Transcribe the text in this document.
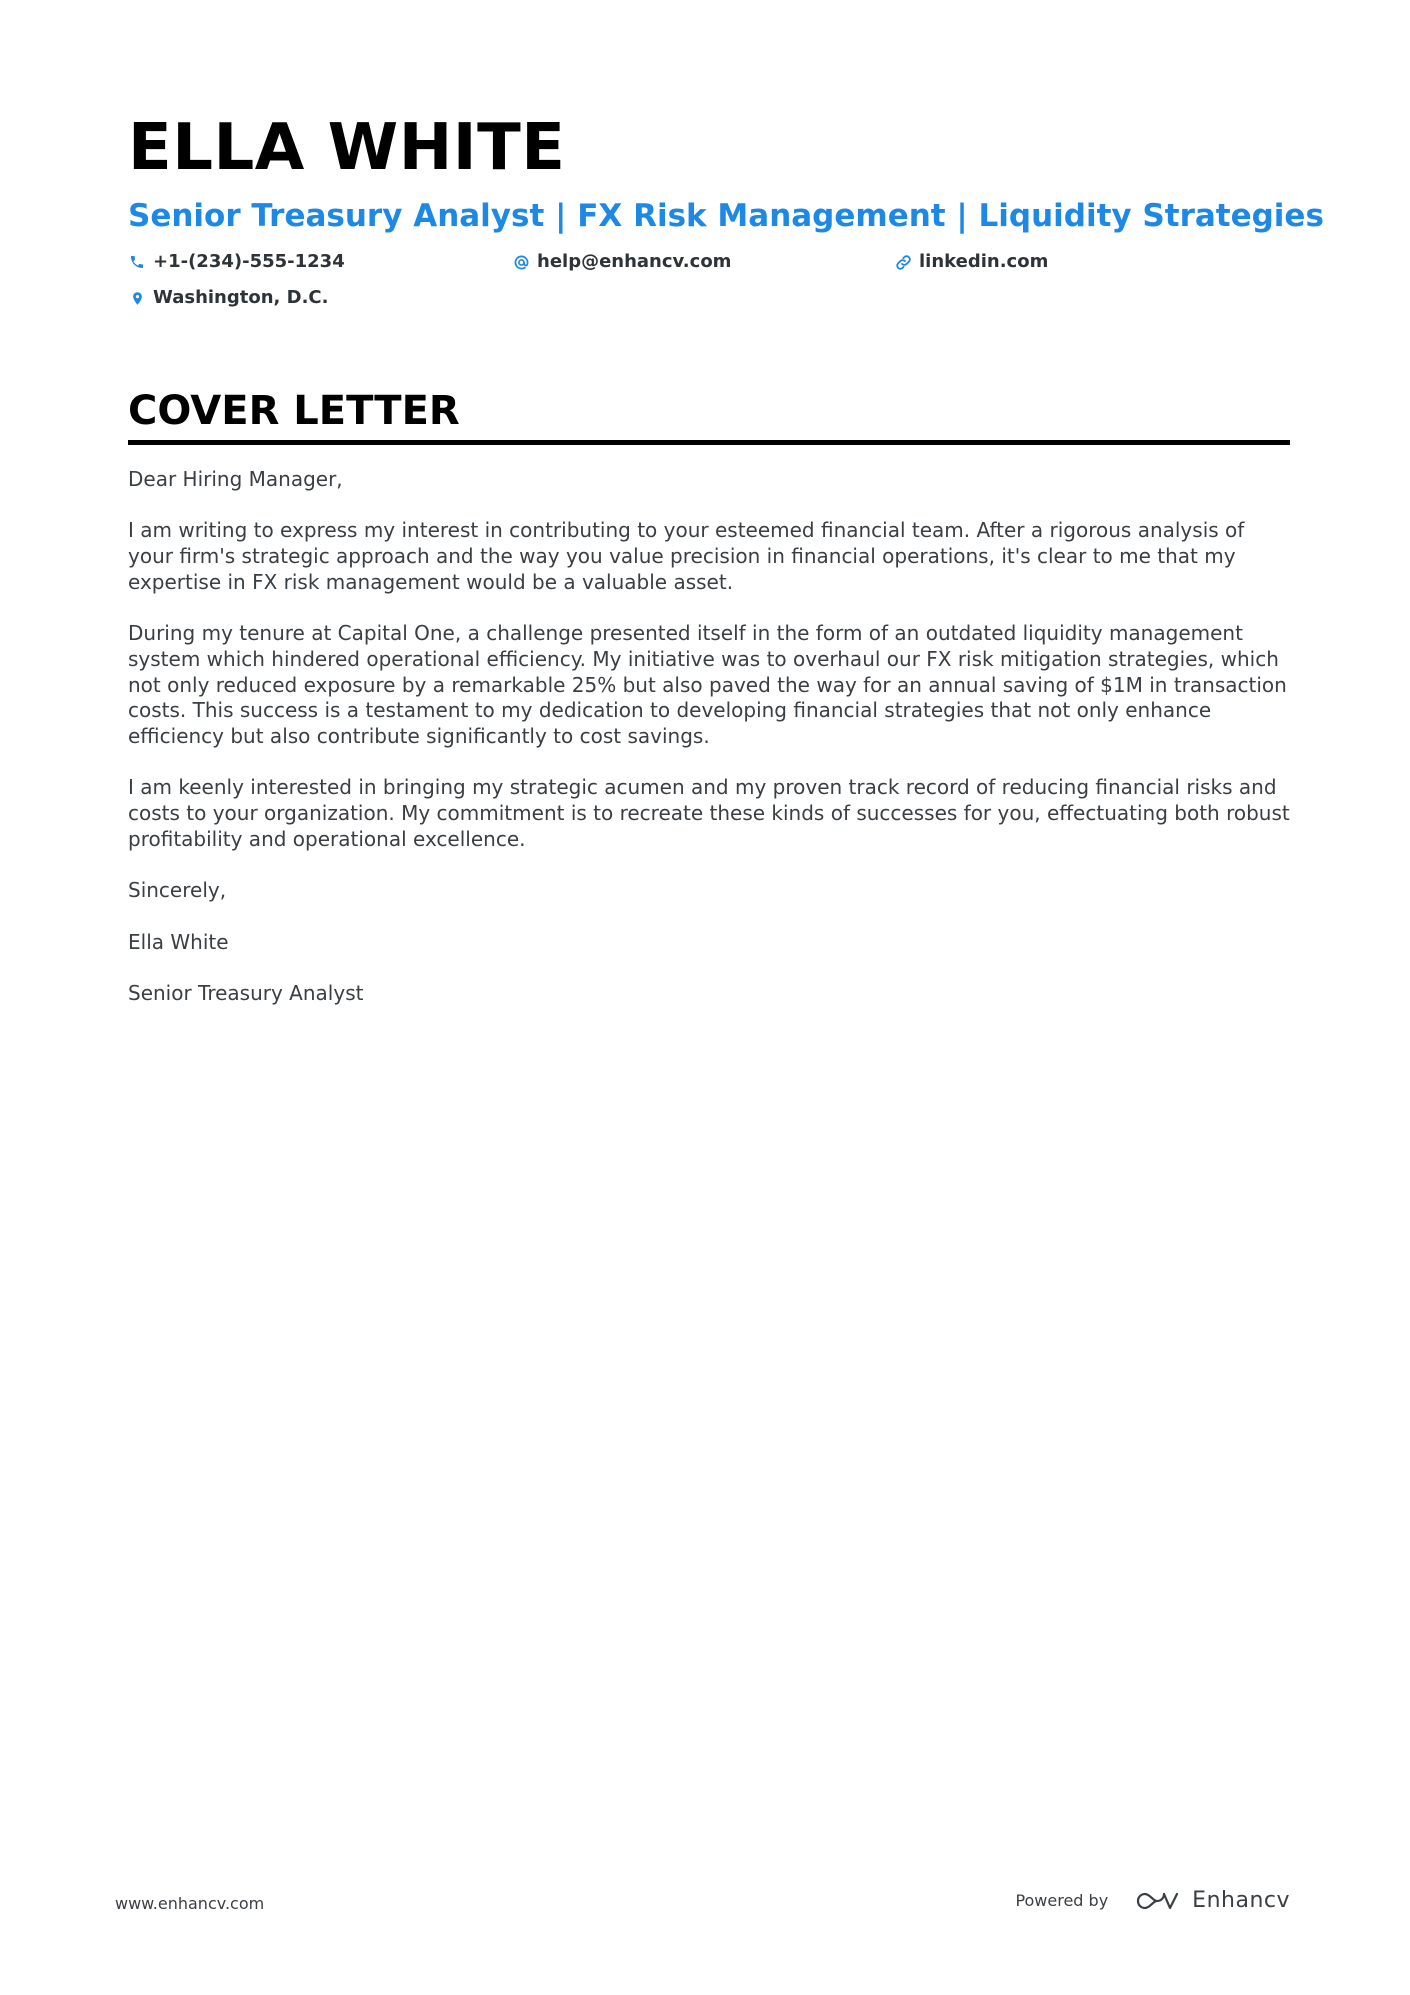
ELLA WHITE
Senior Treasury Analyst | FX Risk Management | Liquidity Strategies
+1-(234)-555-1234	help@enhancv.com	linkedin.com
Washington, D.C.
COVER LETTER

Dear Hiring Manager,

I am writing to express my interest in contributing to your esteemed financial team. After a rigorous analysis of your firm's strategic approach and the way you value precision in financial operations, it's clear to me that my expertise in FX risk management would be a valuable asset.

During my tenure at Capital One, a challenge presented itself in the form of an outdated liquidity management system which hindered operational efficiency. My initiative was to overhaul our FX risk mitigation strategies, which not only reduced exposure by a remarkable 25% but also paved the way for an annual saving of $1M in transaction costs. This success is a testament to my dedication to developing financial strategies that not only enhance efficiency but also contribute significantly to cost savings.

I am keenly interested in bringing my strategic acumen and my proven track record of reducing financial risks and costs to your organization. My commitment is to recreate these kinds of successes for you, effectuating both robust profitability and operational excellence.

Sincerely,

Ella White

Senior Treasury Analyst

www.enhancv.com	Powered by	Enhancv
